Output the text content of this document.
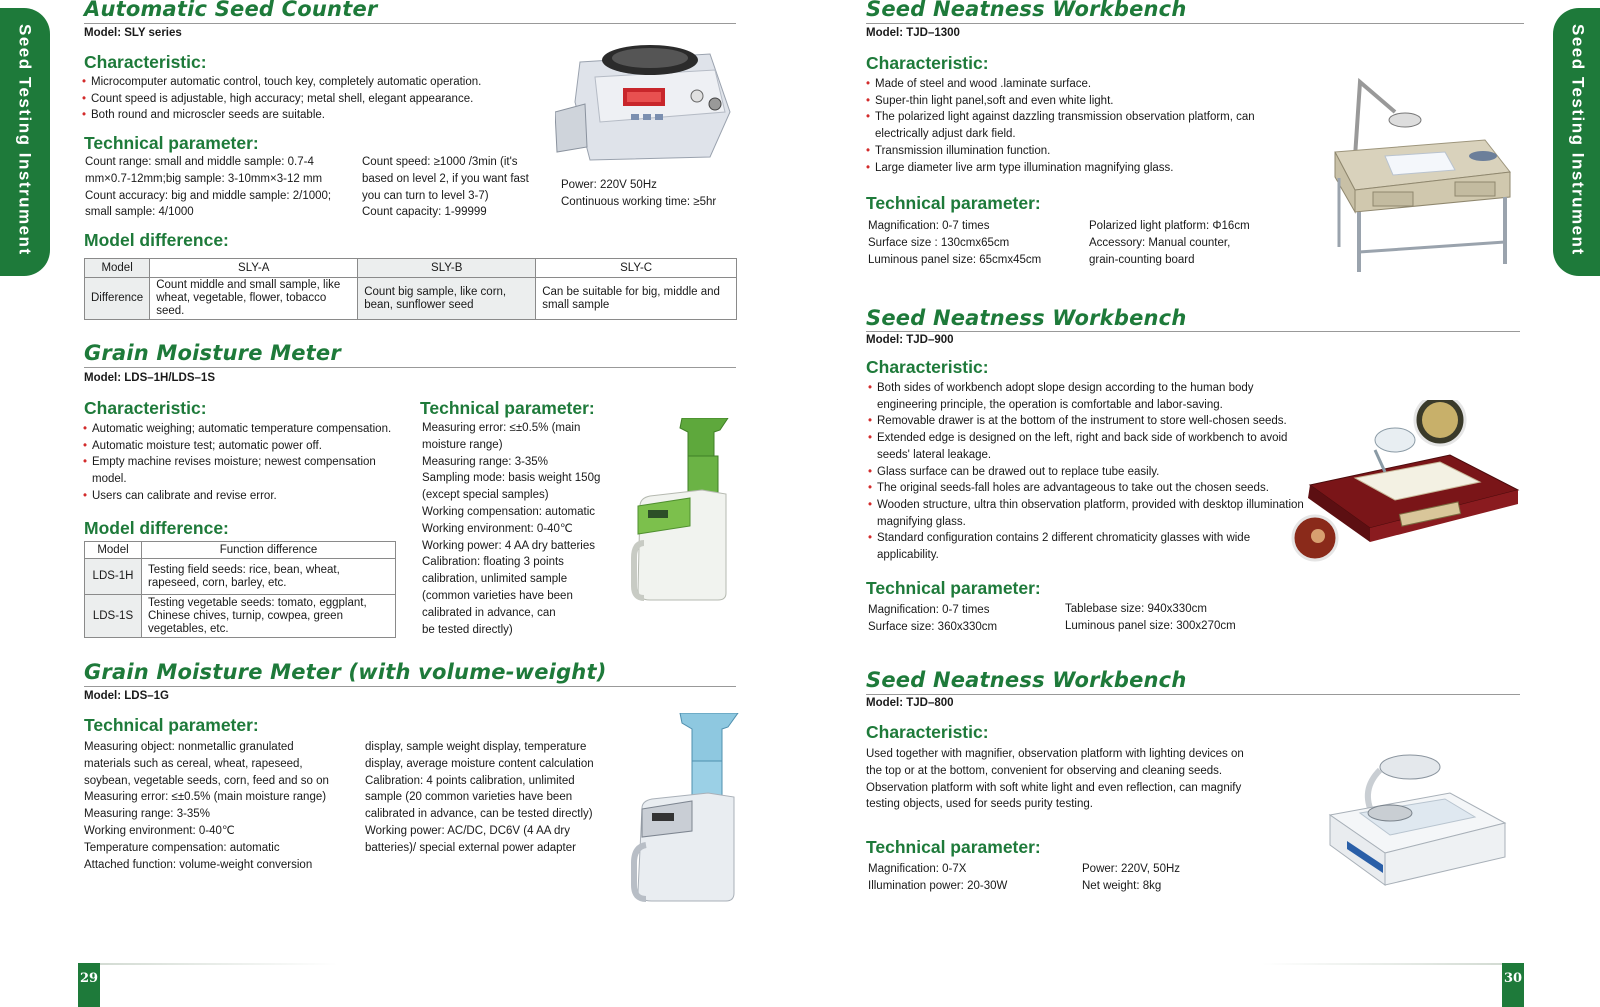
Seed Testing Instrument	Seed Testing Instrument
Automatic Seed Counter
Model: SLY series
Characteristic:
• Microcomputer automatic control, touch key, completely automatic operation.
• Count speed is adjustable, high accuracy; metal shell, elegant appearance.
• Both round and microscler seeds are suitable.
Technical parameter:
Count range: small and middle sample: 0.7-4
mm×0.7-12mm;big sample: 3-10mm×3-12 mm
Count accuracy: big and middle sample: 2/1000;
small sample: 4/1000
Count speed: ≥1000 /3min (it's
based on level 2, if you want fast
you can turn to level 3-7)
Count capacity: 1-99999
Power: 220V 50Hz
Continuous working time: ≥5hr
Model difference:
Model	SLY-A	SLY-B	SLY-C
Difference	Count middle and small sample, like wheat, vegetable, flower, tobacco seed.	Count big sample, like corn, bean, sunflower seed	Can be suitable for big, middle and small sample
Grain Moisture Meter
Model: LDS–1H/LDS–1S
Characteristic:
• Automatic weighing; automatic temperature compensation.
• Automatic moisture test; automatic power off.
• Empty machine revises moisture; newest compensation model.
• Users can calibrate and revise error.
Model difference:
Model	Function difference
LDS-1H	Testing field seeds: rice, bean, wheat, rapeseed, corn, barley, etc.
LDS-1S	Testing vegetable seeds: tomato, eggplant, Chinese chives, turnip, cowpea, green vegetables, etc.
Technical parameter:
Measuring error: ≤±0.5% (main
moisture range)
Measuring range: 3-35%
Sampling mode: basis weight 150g
(except special samples)
Working compensation: automatic
Working environment: 0-40℃
Working power: 4 AA dry batteries
Calibration: floating 3 points
calibration, unlimited sample
(common varieties have been
calibrated in advance, can
be tested directly)
Grain Moisture Meter (with volume-weight)
Model: LDS–1G
Technical parameter:
Measuring object: nonmetallic granulated
materials such as cereal, wheat, rapeseed,
soybean, vegetable seeds, corn, feed and so on
Measuring error: ≤±0.5% (main moisture range)
Measuring range: 3-35%
Working environment: 0-40℃
Temperature compensation: automatic
Attached function: volume-weight conversion
display, sample weight display, temperature
display, average moisture content calculation
Calibration: 4 points calibration, unlimited
sample (20 common varieties have been
calibrated in advance, can be tested directly)
Working power: AC/DC, DC6V (4 AA dry
batteries)/ special external power adapter
29
Seed Neatness Workbench
Model: TJD–1300
Characteristic:
• Made of steel and wood .laminate surface.
• Super-thin light panel,soft and even white light.
• The polarized light against dazzling transmission observation platform, can electrically adjust dark field.
• Transmission illumination function.
• Large diameter live arm type illumination magnifying glass.
Technical parameter:
Magnification: 0-7 times
Surface size : 130cmx65cm
Luminous panel size: 65cmx45cm
Polarized light platform: Φ16cm
Accessory: Manual counter,
grain-counting board
Seed Neatness Workbench
Model: TJD–900
Characteristic:
• Both sides of workbench adopt slope design according to the human body engineering principle, the operation is comfortable and labor-saving.
• Removable drawer is at the bottom of the instrument to store well-chosen seeds.
• Extended edge is designed on the left, right and back side of workbench to avoid seeds' lateral leakage.
• Glass surface can be drawed out to replace tube easily.
• The original seeds-fall holes are advantageous to take out the chosen seeds.
• Wooden structure, ultra thin observation platform, provided with desktop illumination magnifying glass.
• Standard configuration contains 2 different chromaticity glasses with wide applicability.
Technical parameter:
Magnification: 0-7 times
Surface size: 360x330cm
Tablebase size: 940x330cm
Luminous panel size: 300x270cm
Seed Neatness Workbench
Model: TJD–800
Characteristic:
Used together with magnifier, observation platform with lighting devices on
the top or at the bottom, convenient for observing and cleaning seeds.
Observation platform with soft white light and even reflection, can magnify
testing objects, used for seeds purity testing.
Technical parameter:
Magnification: 0-7X
Illumination power: 20-30W
Power: 220V, 50Hz
Net weight: 8kg
30
